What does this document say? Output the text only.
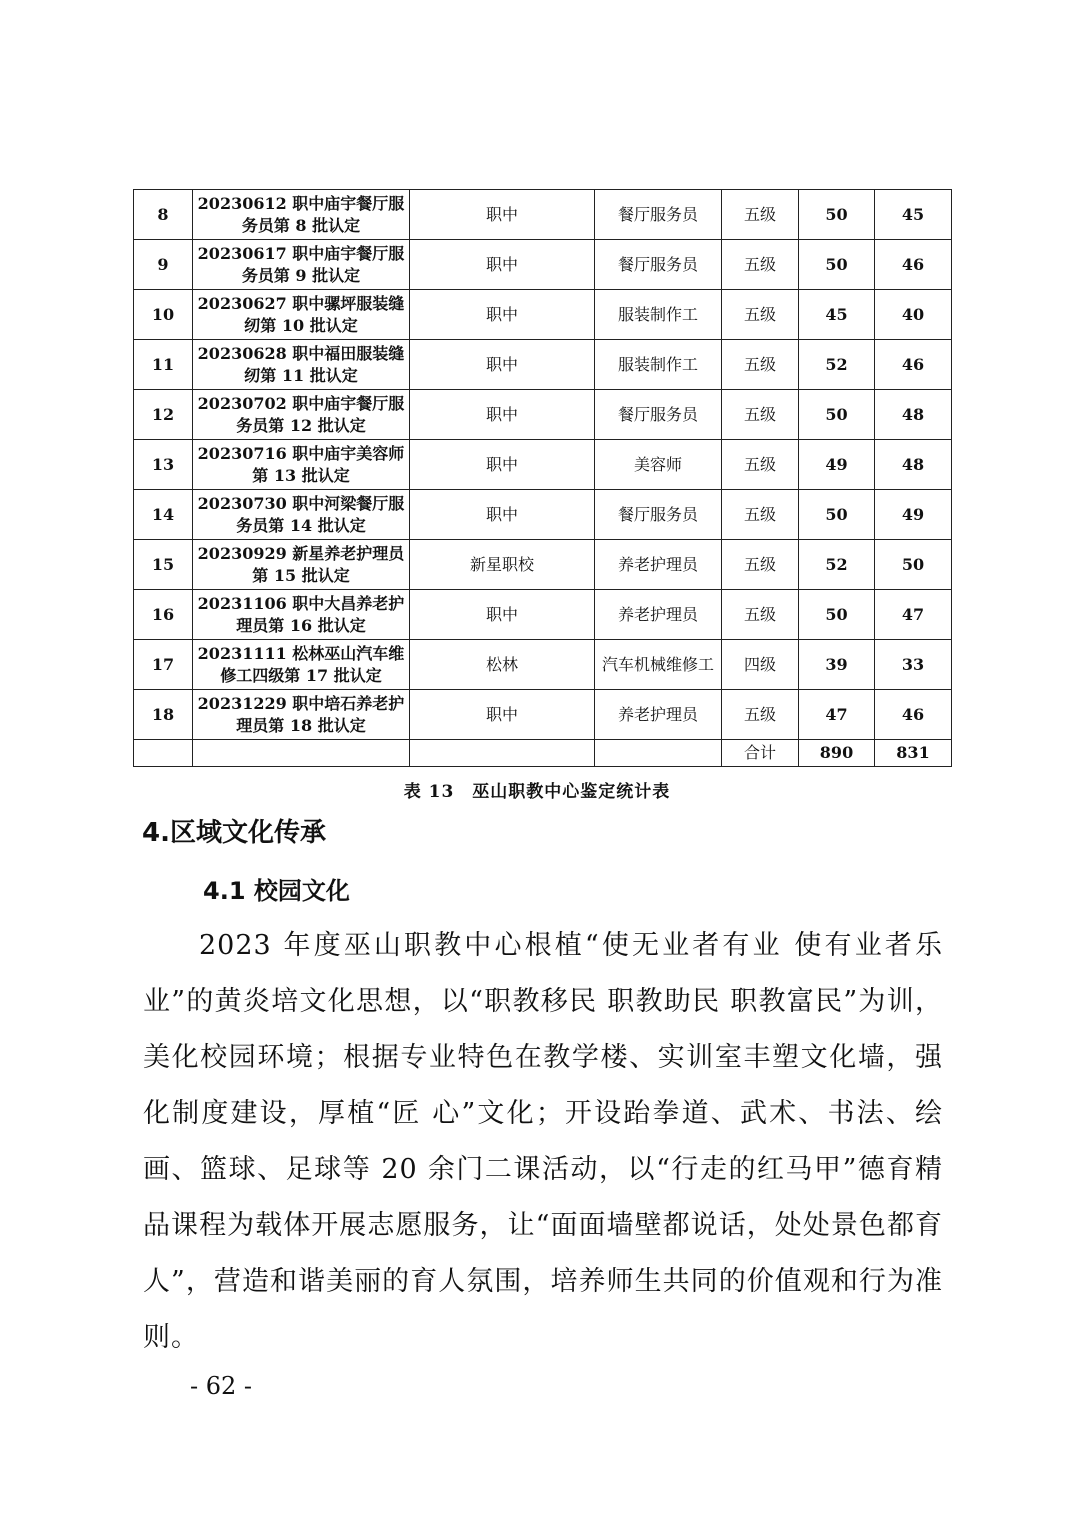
8	20230612 职中庙宇餐厅服务员第 8 批认定	职中	餐厅服务员	五级	50	45
9	20230617 职中庙宇餐厅服务员第 9 批认定	职中	餐厅服务员	五级	50	46
10	20230627 职中骡坪服装缝纫第 10 批认定	职中	服装制作工	五级	45	40
11	20230628 职中福田服装缝纫第 11 批认定	职中	服装制作工	五级	52	46
12	20230702 职中庙宇餐厅服务员第 12 批认定	职中	餐厅服务员	五级	50	48
13	20230716 职中庙宇美容师第 13 批认定	职中	美容师	五级	49	48
14	20230730 职中河梁餐厅服务员第 14 批认定	职中	餐厅服务员	五级	50	49
15	20230929 新星养老护理员第 15 批认定	新星职校	养老护理员	五级	52	50
16	20231106 职中大昌养老护理员第 16 批认定	职中	养老护理员	五级	50	47
17	20231111 松林巫山汽车维修工四级第 17 批认定	松林	汽车机械维修工	四级	39	33
18	20231229 职中培石养老护理员第 18 批认定	职中	养老护理员	五级	47	46
				合计	890	831
表 13　巫山职教中心鉴定统计表
4.区域文化传承
4.1 校园文化
2023 年度巫山职教中心根植“使无业者有业 使有业者乐业”的黄炎培文化思想，以“职教移民 职教助民 职教富民”为训，美化校园环境；根据专业特色在教学楼、实训室丰塑文化墙，强化制度建设，厚植“匠 心”文化；开设跆拳道、武术、书法、绘画、篮球、足球等 20 余门二课活动，以“行走的红马甲”德育精品课程为载体开展志愿服务，让“面面墙壁都说话，处处景色都育人”，营造和谐美丽的育人氛围，培养师生共同的价值观和行为准则。
- 62 -
